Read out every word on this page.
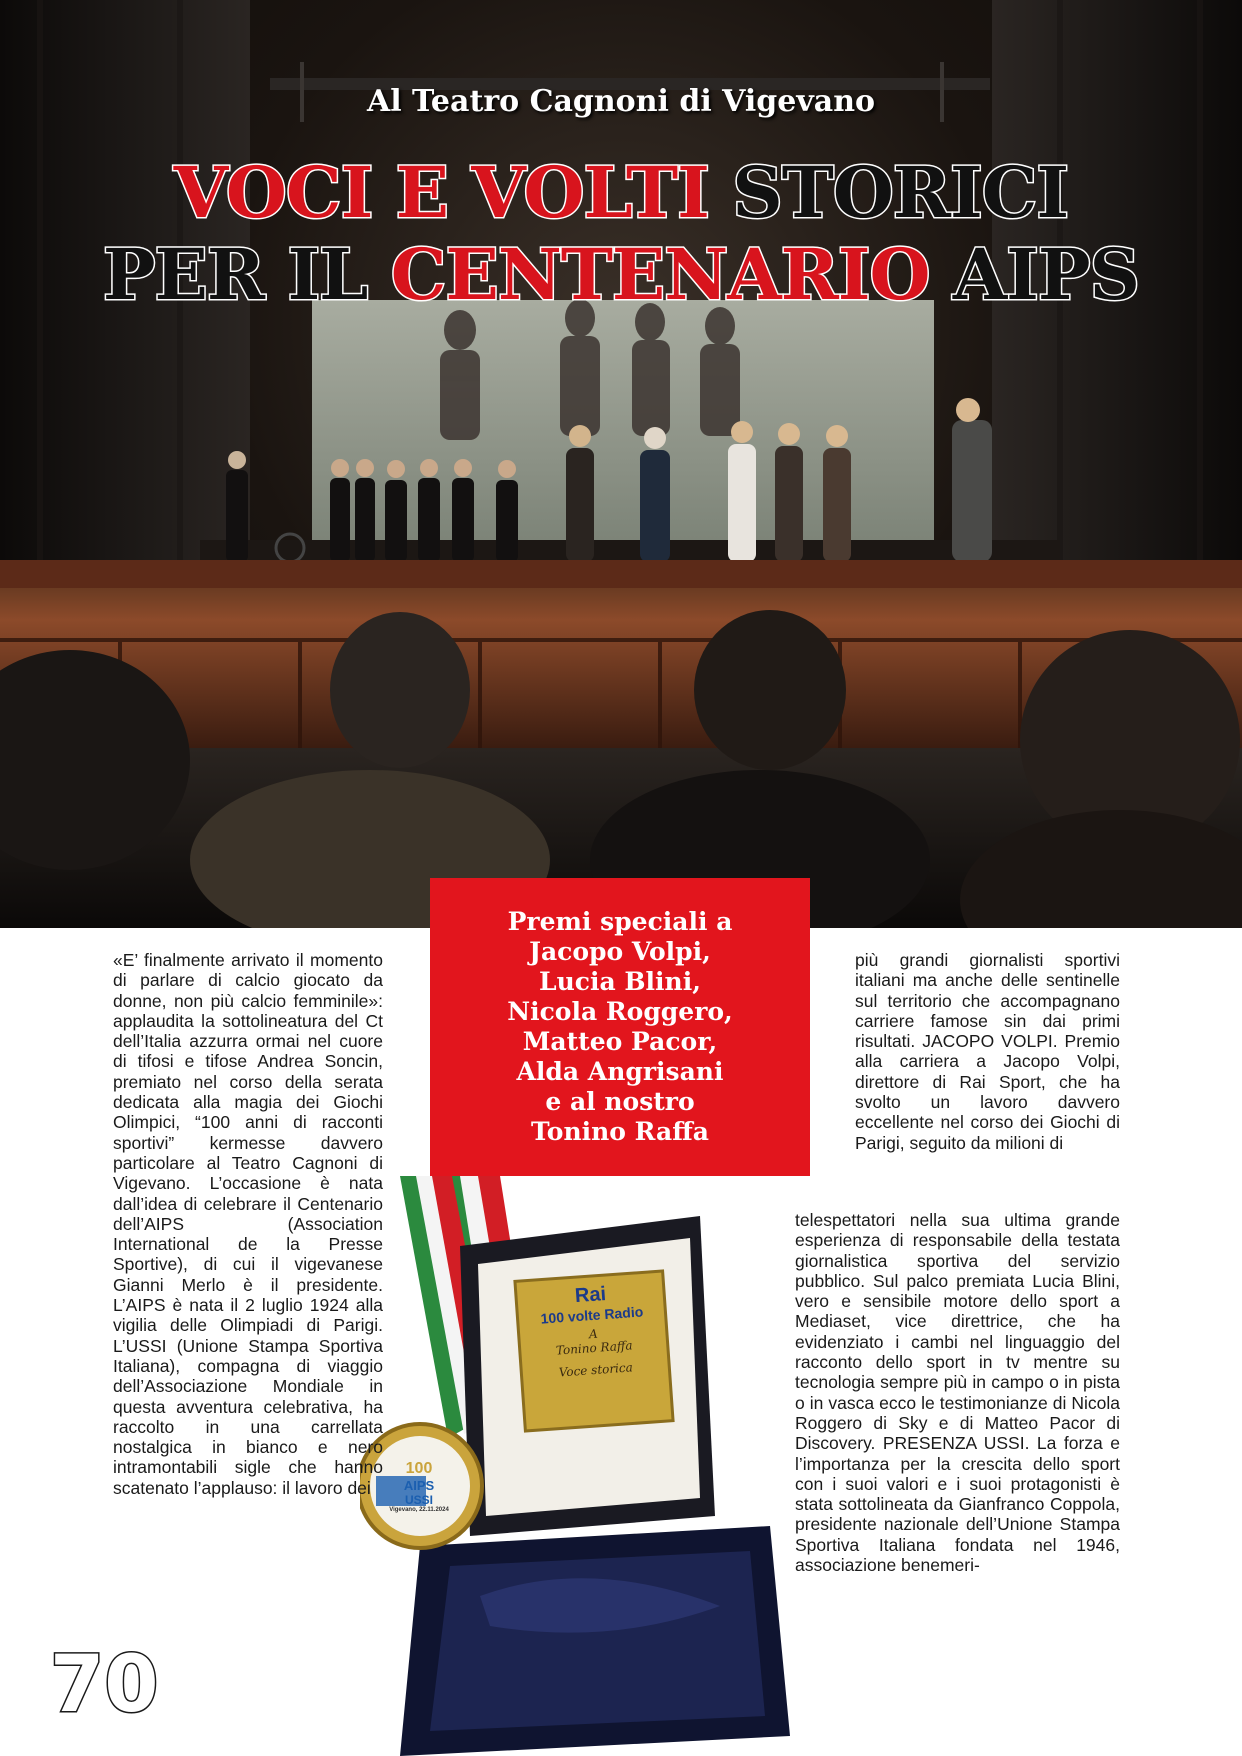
Al Teatro Cagnoni di Vigevano
VOCI E VOLTI STORICI
PER IL CENTENARIO AIPS
Rai
100 volte Radio
A
Tonino Raffa
Voce storica
100
AIPS
USSI
Vigevano, 22.11.2024
Premi speciali a
Jacopo Volpi,
Lucia Blini,
Nicola Roggero,
Matteo Pacor,
Alda Angrisani
e al nostro
Tonino Raffa

«E’ finalmente arrivato il momento di parlare di calcio giocato da donne, non più calcio femminile»: applaudita la sottolineatura del Ct dell’Italia azzurra ormai nel cuore di tifosi e tifose Andrea Soncin, premiato nel corso della serata dedicata alla magia dei Giochi Olimpici, “100 anni di racconti sportivi” kermesse davvero particolare al Teatro Cagnoni di Vigevano. L’occasione è nata dall’idea di celebrare il Centenario dell’AIPS (Association International de la Presse Sportive), di cui il vigevanese Gianni Merlo è il presidente. L’AIPS è nata il 2 luglio 1924 alla vigilia delle Olimpiadi di Parigi. L’USSI (Unione Stampa Sportiva Italiana), compagna di viaggio dell’Associazione Mondiale in questa avventura celebrativa, ha raccolto in una carrellata nostalgica in bianco e nero intramontabili sigle che hanno scatenato l’applauso: il lavoro dei

più grandi giornalisti sportivi italiani ma anche delle sentinelle sul territorio che accompagnano carriere famose sin dai primi risultati. JACOPO VOLPI. Premio alla carriera a Jacopo Volpi, direttore di Rai Sport, che ha svolto un lavoro davvero eccellente nel corso dei Giochi di Parigi, seguito da milioni di

telespettatori nella sua ultima grande esperienza di responsabile della testata giornalistica sportiva del servizio pubblico. Sul palco premiata Lucia Blini, vero e sensibile motore dello sport a Mediaset, vice direttrice, che ha evidenziato i cambi nel linguaggio del racconto dello sport in tv mentre su tecnologia sempre più in campo o in pista o in vasca ecco le testimonianze di Nicola Roggero di Sky e di Matteo Pacor di Discovery. PRESENZA USSI. La forza e l’importanza per la crescita dello sport con i suoi valori e i suoi protagonisti è stata sottolineata da Gianfranco Coppola, presidente nazionale dell’Unione Stampa Sportiva Italiana fondata nel 1946, associazione benemeri-

70
